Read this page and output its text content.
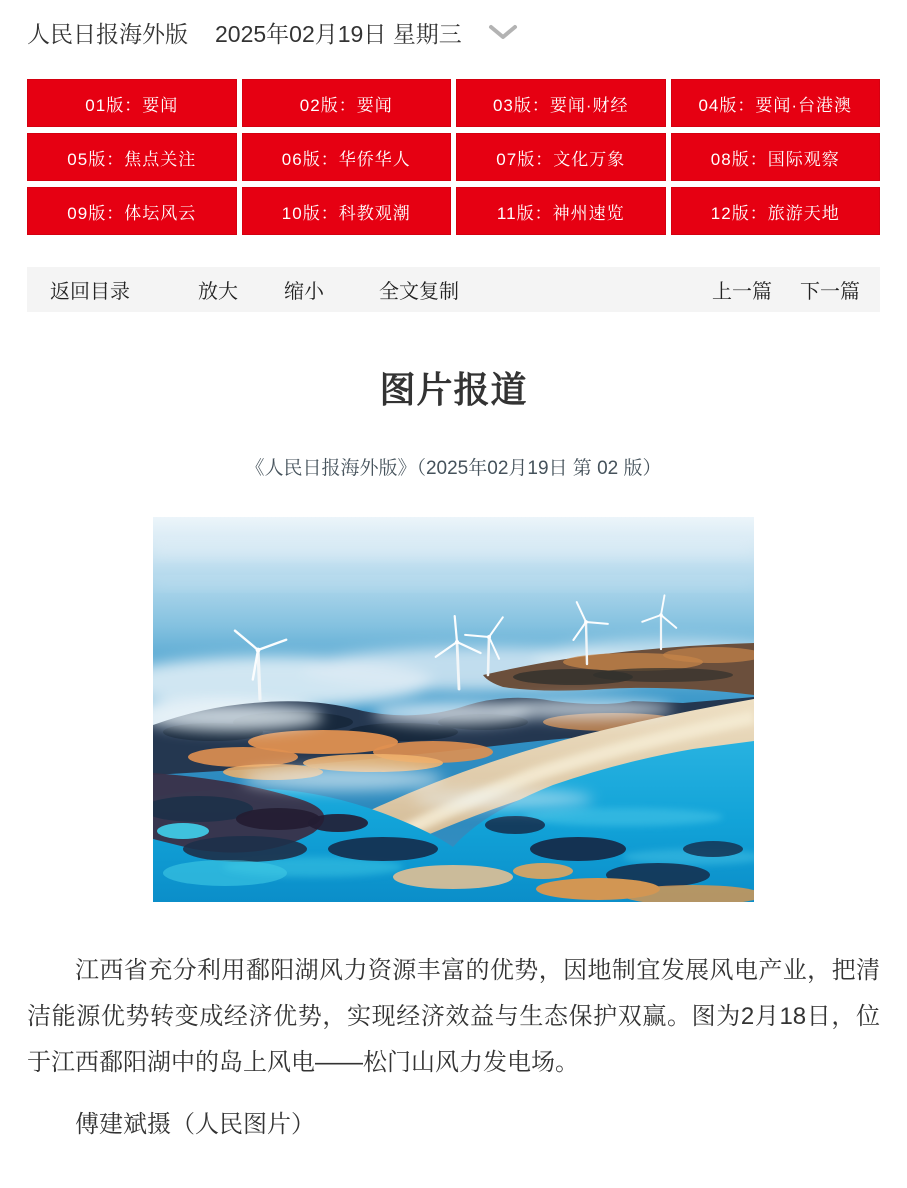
人民日报海外版 2025年02月19日 星期三
01版：要闻	02版：要闻	03版：要闻·财经	04版：要闻·台港澳
05版：焦点关注	06版：华侨华人	07版：文化万象	08版：国际观察
09版：体坛风云	10版：科教观潮	11版：神州速览	12版：旅游天地
返回目录	放大 缩小	全文复制	上一篇 下一篇
图片报道
《人民日报海外版》（2025年02月19日 第 02 版）

江西省充分利用鄱阳湖风力资源丰富的优势，因地制宜发展风电产业，把清洁能源优势转变成经济优势，实现经济效益与生态保护双赢。图为2月18日，位于江西鄱阳湖中的岛上风电——松门山风力发电场。

傅建斌摄（人民图片）
